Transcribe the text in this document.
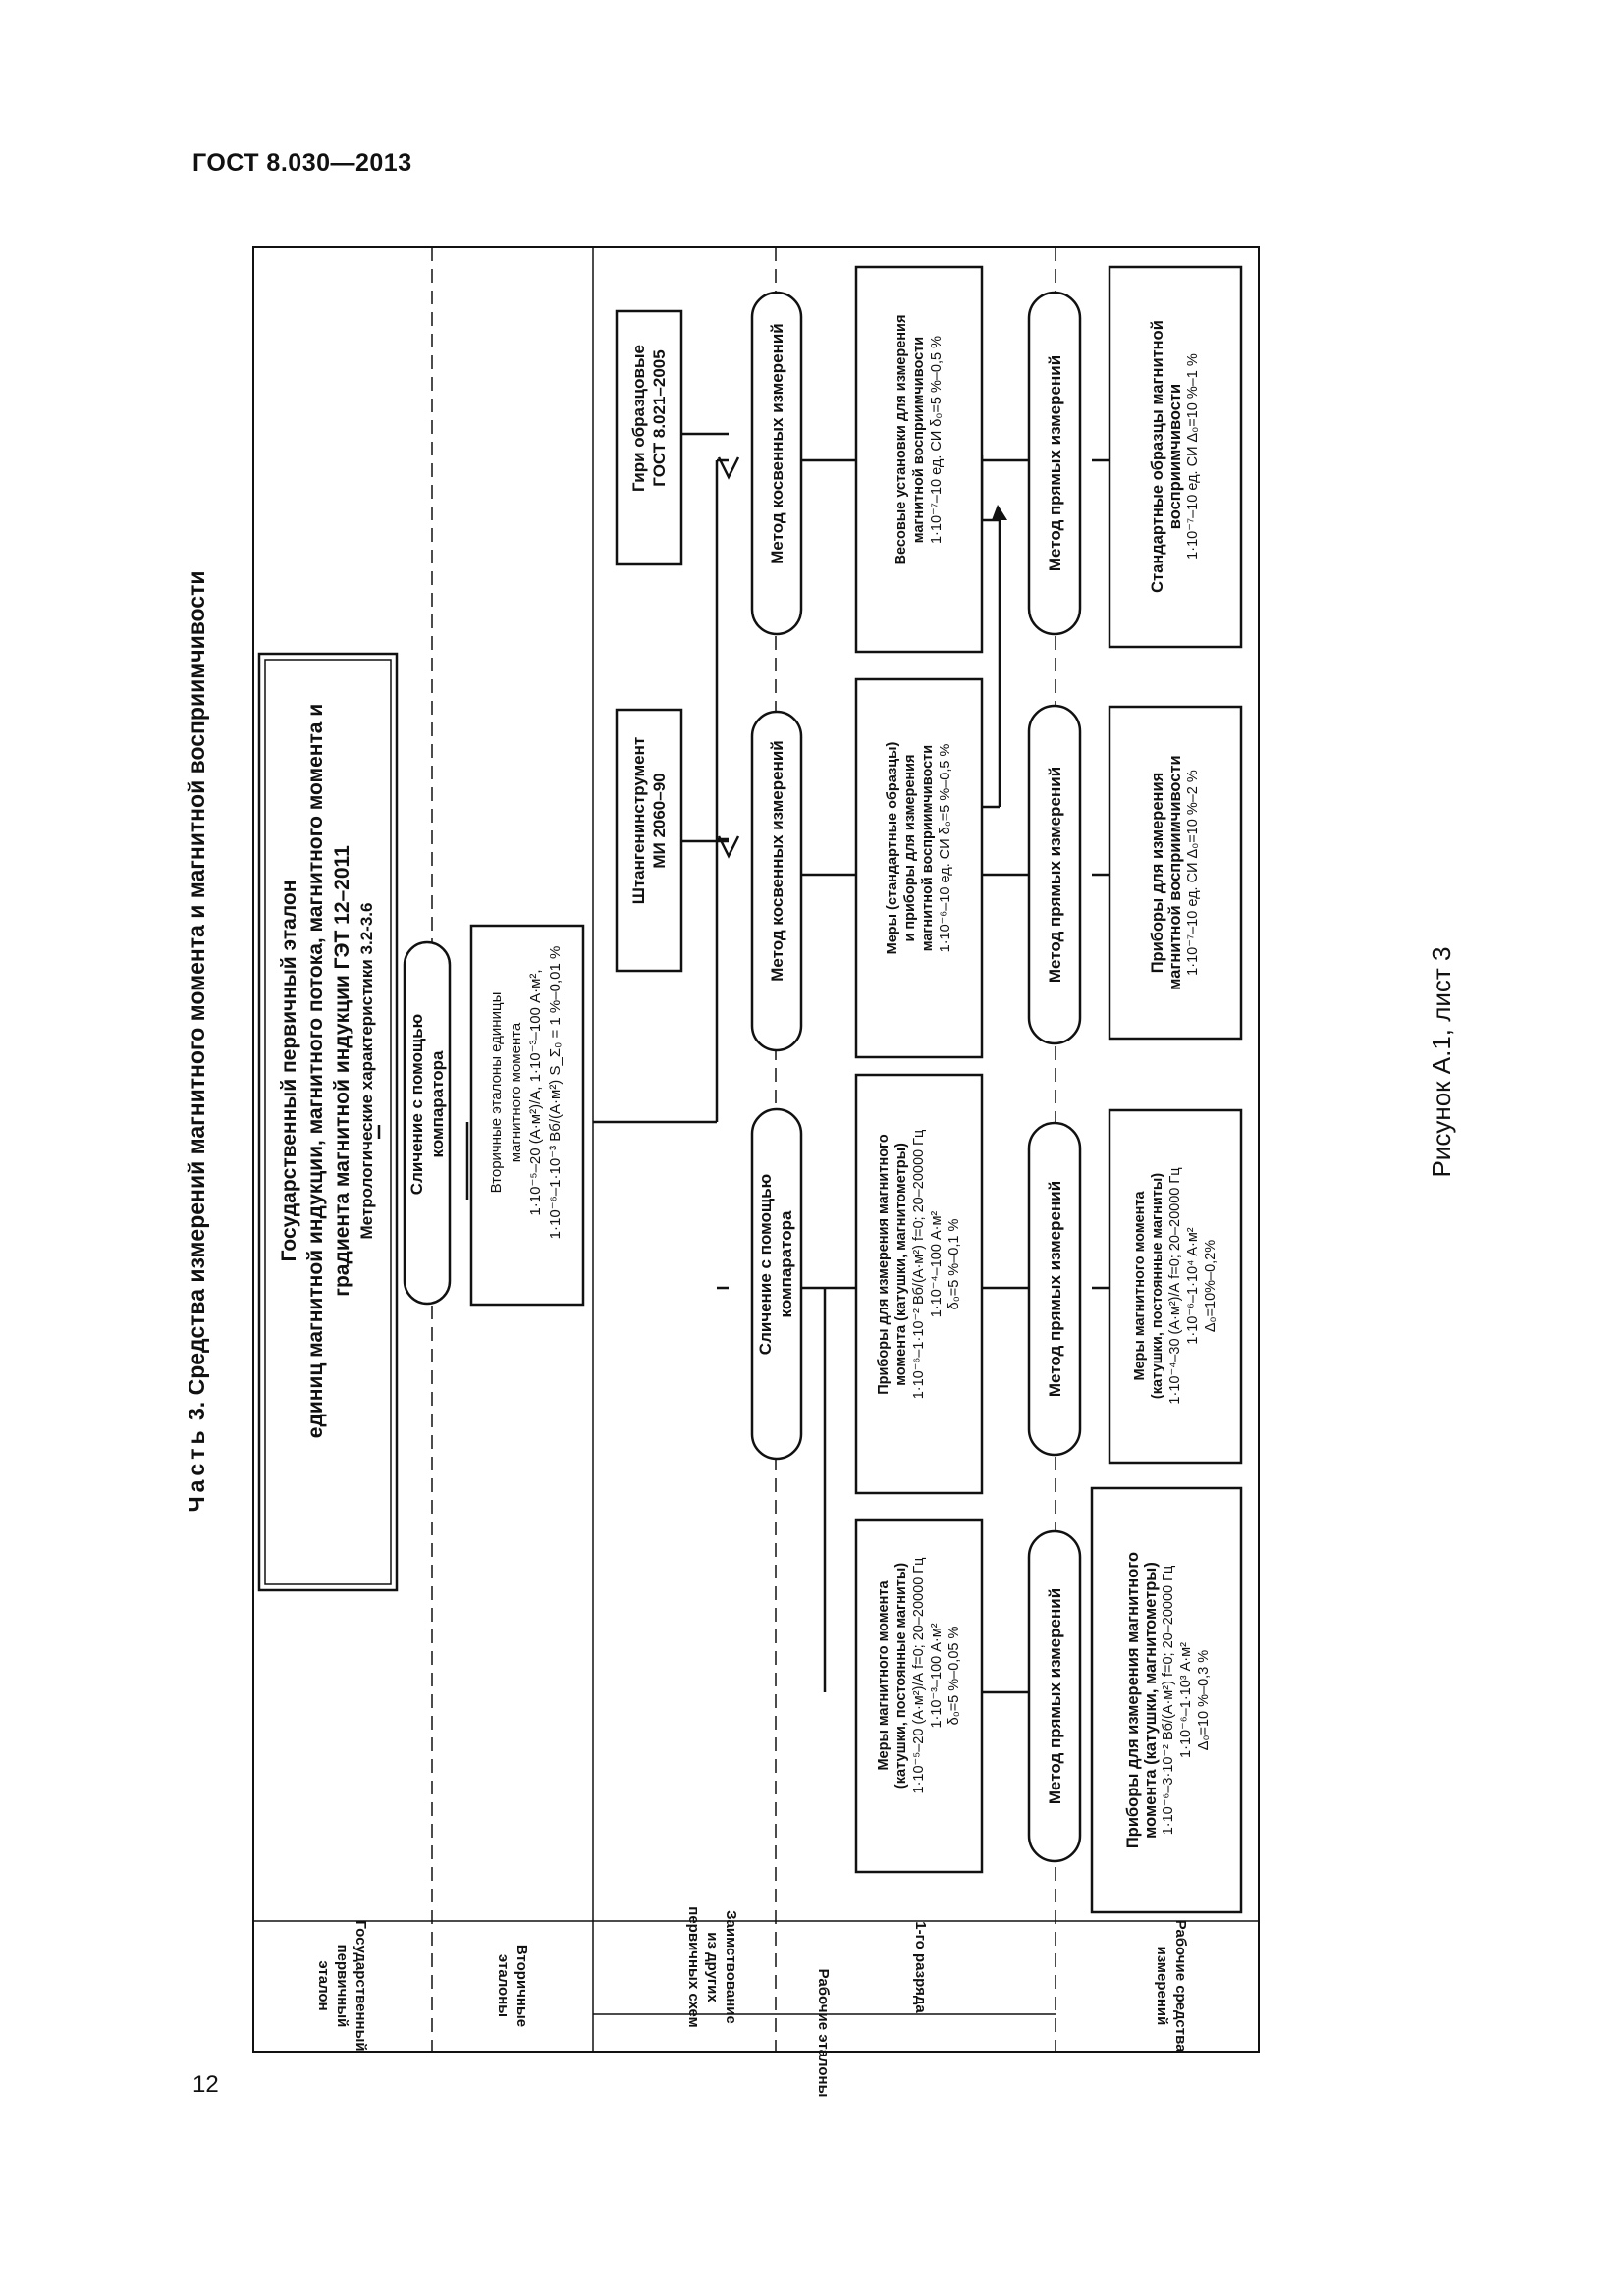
ГОСТ 8.030—2013
12
Рисунок А.1, лист 3
Часть 3. Средства измерений магнитного момента и магнитной восприимчивости	Государственный первичный эталон единиц магнитной индукции, магнитного потока, магнитного момента и градиента магнитной индукции ГЭТ 12–2011 Метрологические характеристики 3.2-3.6 Сличение с помощью компаратора	Вторичные эталоны единицы магнитного момента 1·10⁻⁵–20 (А·м²)/А, 1·10⁻³–100 А·м², 1·10⁻⁶–1·10⁻³ Вб/(А·м²) S_Σ₀ = 1 %–0,01 %
Штангенинструмент МИ 2060–90
Гири образцовые ГОСТ 8.021–2005
Сличение с помощью компаратора
Метод косвенных измерений
Метод косвенных измерений
Меры магнитного момента (катушки, постоянные магниты) 1·10⁻⁵–20 (А·м²)/А f=0; 20–20000 Гц 1·10⁻³–100 А·м² δ₀=5 %–0,05 %
Приборы для измерения магнитного момента (катушки, магнитометры) 1·10⁻⁶–1·10⁻² Вб/(А·м²) f=0; 20–20000 Гц 1·10⁻⁴–100 А·м² δ₀=5 %–0,1 %
Меры (стандартные образцы) и приборы для измерения магнитной восприимчивости 1·10⁻⁶–10 ед. СИ δ₀=5 %–0,5 %
Весовые установки для измерения магнитной восприимчивости 1·10⁻⁷–10 ед. СИ δ₀=5 %–0,5 %
Метод прямых измерений
Метод прямых измерений
Метод прямых измерений
Метод прямых измерений
Приборы для измерения магнитного момента (катушки, магнитометры) 1·10⁻⁶–3·10⁻² Вб/(А·м²) f=0; 20–20000 Гц 1·10⁻⁶–1·10³ А·м² Δ₀=10 %–0,3 %
Меры магнитного момента (катушки, постоянные магниты) 1·10⁻⁴–30 (А·м²)/А f=0; 20–20000 Гц 1·10⁻⁶–1·10⁴ А·м² Δ₀=10%–0,2%
Приборы для измерения магнитной восприимчивости 1·10⁻⁷–10 ед. СИ Δ₀=10 %–2 %
Стандартные образцы магнитной восприимчивости 1·10⁻⁷–10 ед. СИ Δ₀=10 %–1 %
Государственный
первичный
эталон	Вторичные
эталоны	Заимствование
из других
первичных схем	1-го разряда
Рабочие эталоны	Рабочие средства
измерений
